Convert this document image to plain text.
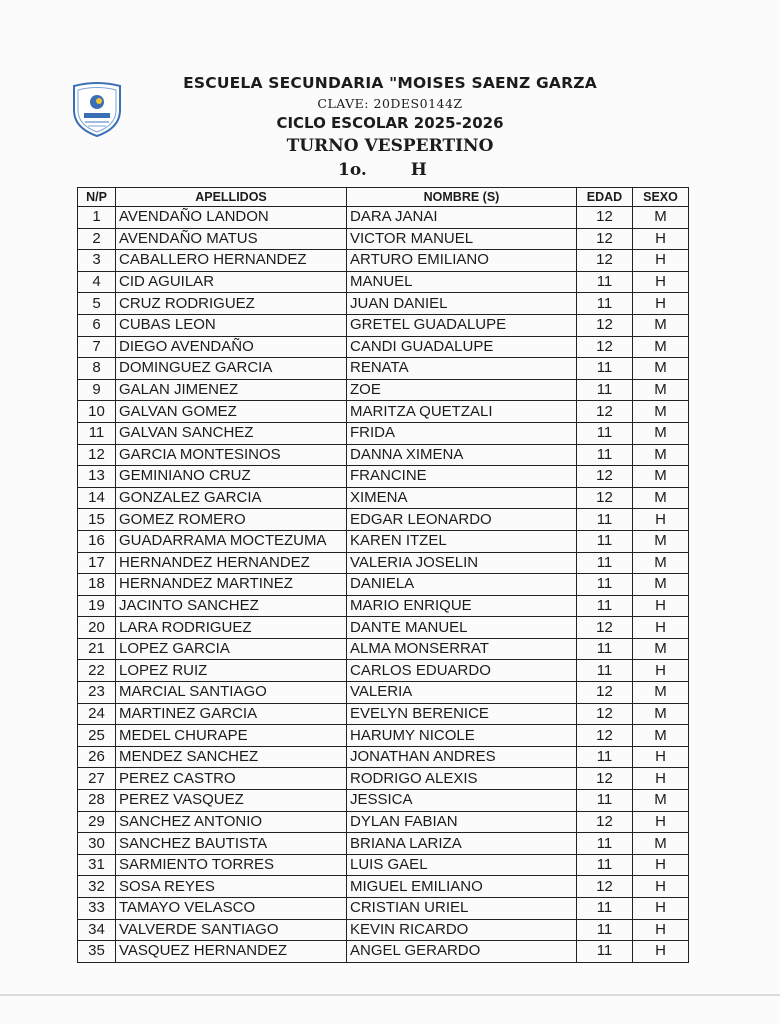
ESCUELA SECUNDARIA "MOISES SAENZ GARZA
CLAVE: 20DES0144Z
CICLO ESCOLAR 2025-2026
TURNO VESPERTINO
1o.	H
N/P	APELLIDOS	NOMBRE (S)	EDAD	SEXO
1	AVENDAÑO LANDON	DARA JANAI	12	M
2	AVENDAÑO MATUS	VICTOR MANUEL	12	H
3	CABALLERO HERNANDEZ	ARTURO EMILIANO	12	H
4	CID AGUILAR	MANUEL	11	H
5	CRUZ RODRIGUEZ	JUAN DANIEL	11	H
6	CUBAS LEON	GRETEL GUADALUPE	12	M
7	DIEGO AVENDAÑO	CANDI GUADALUPE	12	M
8	DOMINGUEZ GARCIA	RENATA	11	M
9	GALAN JIMENEZ	ZOE	11	M
10	GALVAN GOMEZ	MARITZA QUETZALI	12	M
11	GALVAN SANCHEZ	FRIDA	11	M
12	GARCIA MONTESINOS	DANNA XIMENA	11	M
13	GEMINIANO CRUZ	FRANCINE	12	M
14	GONZALEZ GARCIA	XIMENA	12	M
15	GOMEZ ROMERO	EDGAR LEONARDO	11	H
16	GUADARRAMA MOCTEZUMA	KAREN ITZEL	11	M
17	HERNANDEZ HERNANDEZ	VALERIA JOSELIN	11	M
18	HERNANDEZ MARTINEZ	DANIELA	11	M
19	JACINTO SANCHEZ	MARIO ENRIQUE	11	H
20	LARA RODRIGUEZ	DANTE MANUEL	12	H
21	LOPEZ GARCIA	ALMA MONSERRAT	11	M
22	LOPEZ RUIZ	CARLOS EDUARDO	11	H
23	MARCIAL SANTIAGO	VALERIA	12	M
24	MARTINEZ GARCIA	EVELYN BERENICE	12	M
25	MEDEL CHURAPE	HARUMY NICOLE	12	M
26	MENDEZ SANCHEZ	JONATHAN ANDRES	11	H
27	PEREZ CASTRO	RODRIGO ALEXIS	12	H
28	PEREZ VASQUEZ	JESSICA	11	M
29	SANCHEZ ANTONIO	DYLAN FABIAN	12	H
30	SANCHEZ BAUTISTA	BRIANA LARIZA	11	M
31	SARMIENTO TORRES	LUIS GAEL	11	H
32	SOSA REYES	MIGUEL EMILIANO	12	H
33	TAMAYO VELASCO	CRISTIAN URIEL	11	H
34	VALVERDE SANTIAGO	KEVIN RICARDO	11	H
35	VASQUEZ HERNANDEZ	ANGEL GERARDO	11	H
